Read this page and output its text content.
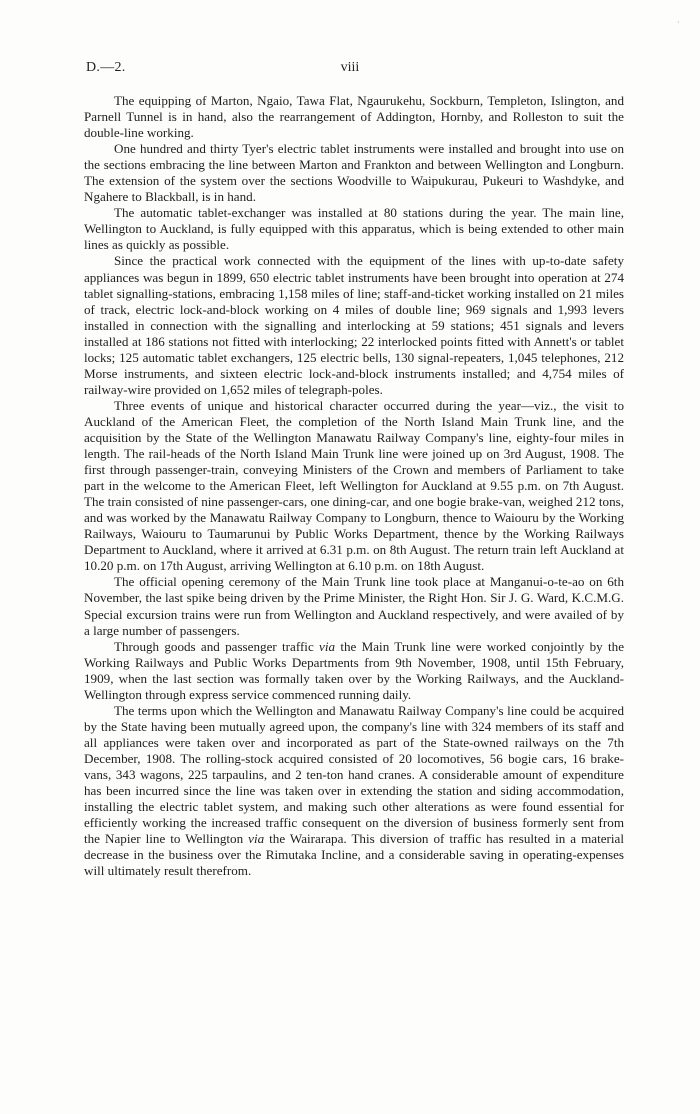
·
D.—2.	viii

The equipping of Marton, Ngaio, Tawa Flat, Ngaurukehu, Sockburn, Templeton, Islington, and Parnell Tunnel is in hand, also the rearrangement of Addington, Hornby, and Rolleston to suit the double-line working.

One hundred and thirty Tyer's electric tablet instruments were installed and brought into use on the sections embracing the line between Marton and Frankton and between Wellington and Longburn. The extension of the system over the sections Woodville to Waipukurau, Pukeuri to Washdyke, and Ngahere to Blackball, is in hand.

The automatic tablet-exchanger was installed at 80 stations during the year. The main line, Wellington to Auckland, is fully equipped with this apparatus, which is being extended to other main lines as quickly as possible.

Since the practical work connected with the equipment of the lines with up-to-date safety appliances was begun in 1899, 650 electric tablet instruments have been brought into operation at 274 tablet signalling-stations, embracing 1,158 miles of line; staff-and-ticket working installed on 21 miles of track, electric lock-and-block working on 4 miles of double line; 969 signals and 1,993 levers installed in connection with the signalling and interlocking at 59 stations; 451 signals and levers installed at 186 stations not fitted with interlocking; 22 interlocked points fitted with Annett's or tablet locks; 125 automatic tablet exchangers, 125 electric bells, 130 signal-repeaters, 1,045 telephones, 212 Morse instruments, and sixteen electric lock-and-block instruments installed; and 4,754 miles of railway-wire provided on 1,652 miles of telegraph-poles.

Three events of unique and historical character occurred during the year—viz., the visit to Auckland of the American Fleet, the completion of the North Island Main Trunk line, and the acquisition by the State of the Wellington Manawatu Railway Company's line, eighty-four miles in length. The rail-heads of the North Island Main Trunk line were joined up on 3rd August, 1908. The first through passenger-train, conveying Ministers of the Crown and members of Parliament to take part in the welcome to the American Fleet, left Wellington for Auckland at 9.55 p.m. on 7th August. The train consisted of nine passenger-cars, one dining-car, and one bogie brake-van, weighed 212 tons, and was worked by the Manawatu Railway Company to Longburn, thence to Waiouru by the Working Railways, Waiouru to Taumarunui by Public Works Department, thence by the Working Railways Department to Auckland, where it arrived at 6.31 p.m. on 8th August. The return train left Auckland at 10.20 p.m. on 17th August, arriving Wellington at 6.10 p.m. on 18th August.

The official opening ceremony of the Main Trunk line took place at Manganui-o-te-ao on 6th November, the last spike being driven by the Prime Minister, the Right Hon. Sir J. G. Ward, K.C.M.G. Special excursion trains were run from Wellington and Auckland respectively, and were availed of by a large number of passengers.

Through goods and passenger traffic via the Main Trunk line were worked conjointly by the Working Railways and Public Works Departments from 9th November, 1908, until 15th February, 1909, when the last section was formally taken over by the Working Railways, and the Auckland-Wellington through express service commenced running daily.

The terms upon which the Wellington and Manawatu Railway Company's line could be acquired by the State having been mutually agreed upon, the company's line with 324 members of its staff and all appliances were taken over and incorporated as part of the State-owned railways on the 7th December, 1908. The rolling-stock acquired consisted of 20 locomotives, 56 bogie cars, 16 brake-vans, 343 wagons, 225 tarpaulins, and 2 ten-ton hand cranes. A considerable amount of expenditure has been incurred since the line was taken over in extending the station and siding accommodation, installing the electric tablet system, and making such other alterations as were found essential for efficiently working the increased traffic consequent on the diversion of business formerly sent from the Napier line to Wellington via the Wairarapa. This diversion of traffic has resulted in a material decrease in the business over the Rimutaka Incline, and a considerable saving in operating-expenses will ultimately result therefrom.
